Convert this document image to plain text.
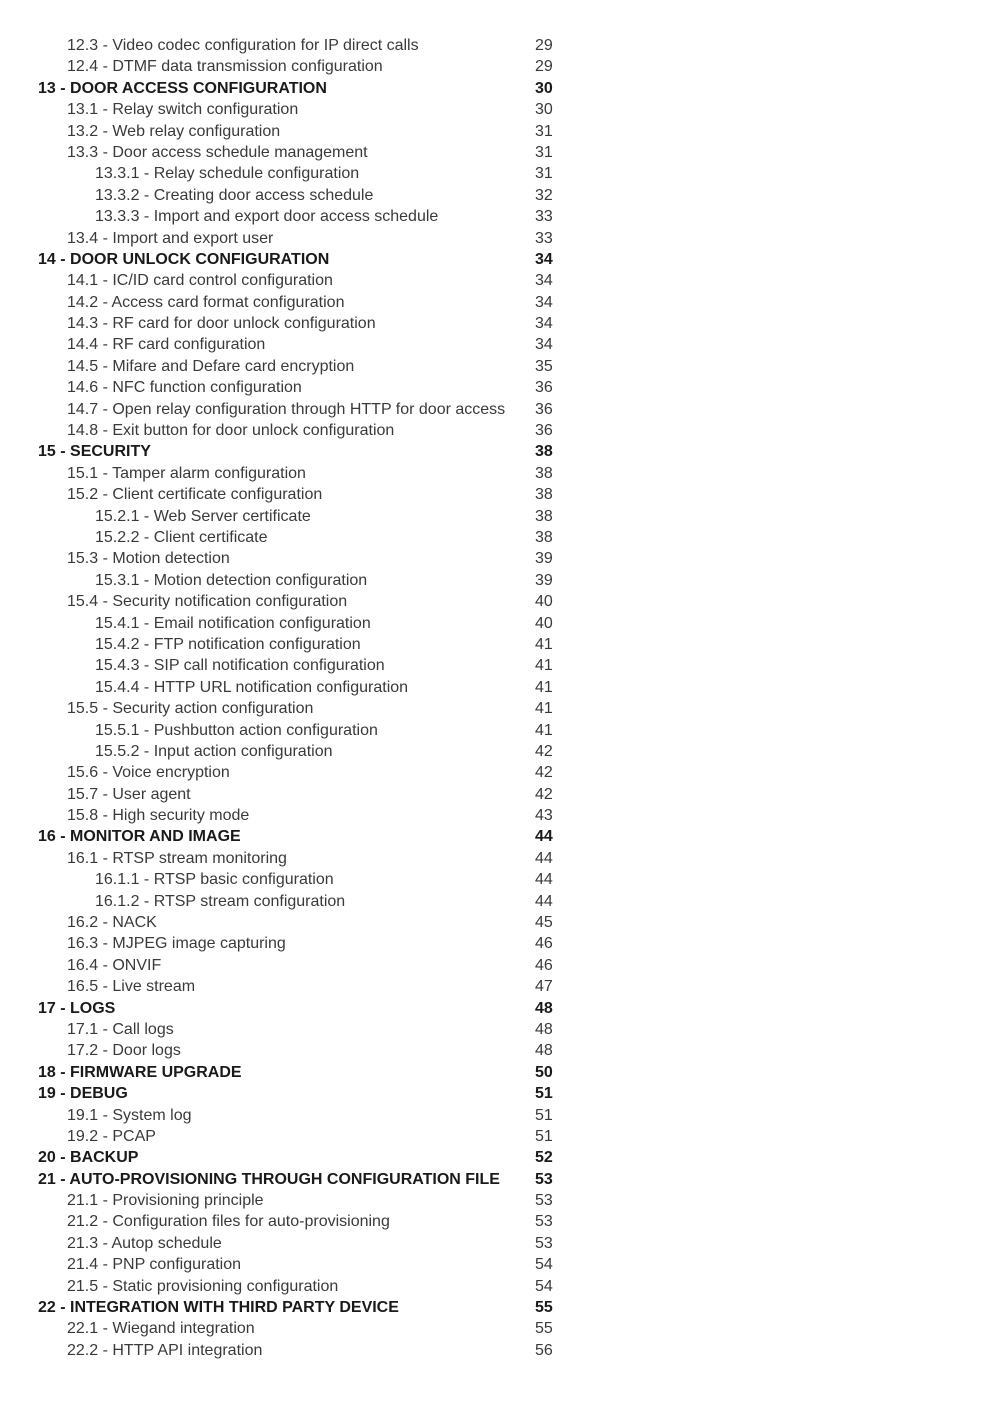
12.3 - Video codec configuration for IP direct calls	29
12.4 - DTMF data transmission configuration	29
13 - DOOR ACCESS CONFIGURATION	30
13.1 - Relay switch configuration	30
13.2 - Web relay configuration	31
13.3 - Door access schedule management	31
13.3.1 - Relay schedule configuration	31
13.3.2 - Creating door access schedule	32
13.3.3 - Import and export door access schedule	33
13.4 - Import and export user	33
14 - DOOR UNLOCK CONFIGURATION	34
14.1 - IC/ID card control configuration	34
14.2 - Access card format configuration	34
14.3 - RF card for door unlock configuration	34
14.4 - RF card configuration	34
14.5 - Mifare and Defare card encryption	35
14.6 - NFC function configuration	36
14.7 - Open relay configuration through HTTP for door access 36
14.8 - Exit button for door unlock configuration	36
15 - SECURITY	38
15.1 - Tamper alarm configuration	38
15.2 - Client certificate configuration	38
15.2.1 - Web Server certificate	38
15.2.2 - Client certificate	38
15.3 - Motion detection	39
15.3.1 - Motion detection configuration	39
15.4 - Security notification configuration	40
15.4.1 - Email notification configuration	40
15.4.2 - FTP notification configuration	41
15.4.3 - SIP call notification configuration	41
15.4.4 - HTTP URL notification configuration	41
15.5 - Security action configuration	41
15.5.1 - Pushbutton action configuration	41
15.5.2 - Input action configuration	42
15.6 - Voice encryption	42
15.7 - User agent	42
15.8 - High security mode	43
16 - MONITOR AND IMAGE	44
16.1 - RTSP stream monitoring	44
16.1.1 - RTSP basic configuration	44
16.1.2 - RTSP stream configuration	44
16.2 - NACK	45
16.3 - MJPEG image capturing	46
16.4 - ONVIF	46
16.5 - Live stream	47
17 - LOGS	48
17.1 - Call logs	48
17.2 - Door logs	48
18 - FIRMWARE UPGRADE	50
19 - DEBUG	51
19.1 - System log	51
19.2 - PCAP	51
20 - BACKUP	52
21 - AUTO-PROVISIONING THROUGH CONFIGURATION FILE 53
21.1 - Provisioning principle	53
21.2 - Configuration files for auto-provisioning	53
21.3 - Autop schedule	53
21.4 - PNP configuration	54
21.5 - Static provisioning configuration	54
22 - INTEGRATION WITH THIRD PARTY DEVICE	55
22.1 - Wiegand integration	55
22.2 - HTTP API integration	56
